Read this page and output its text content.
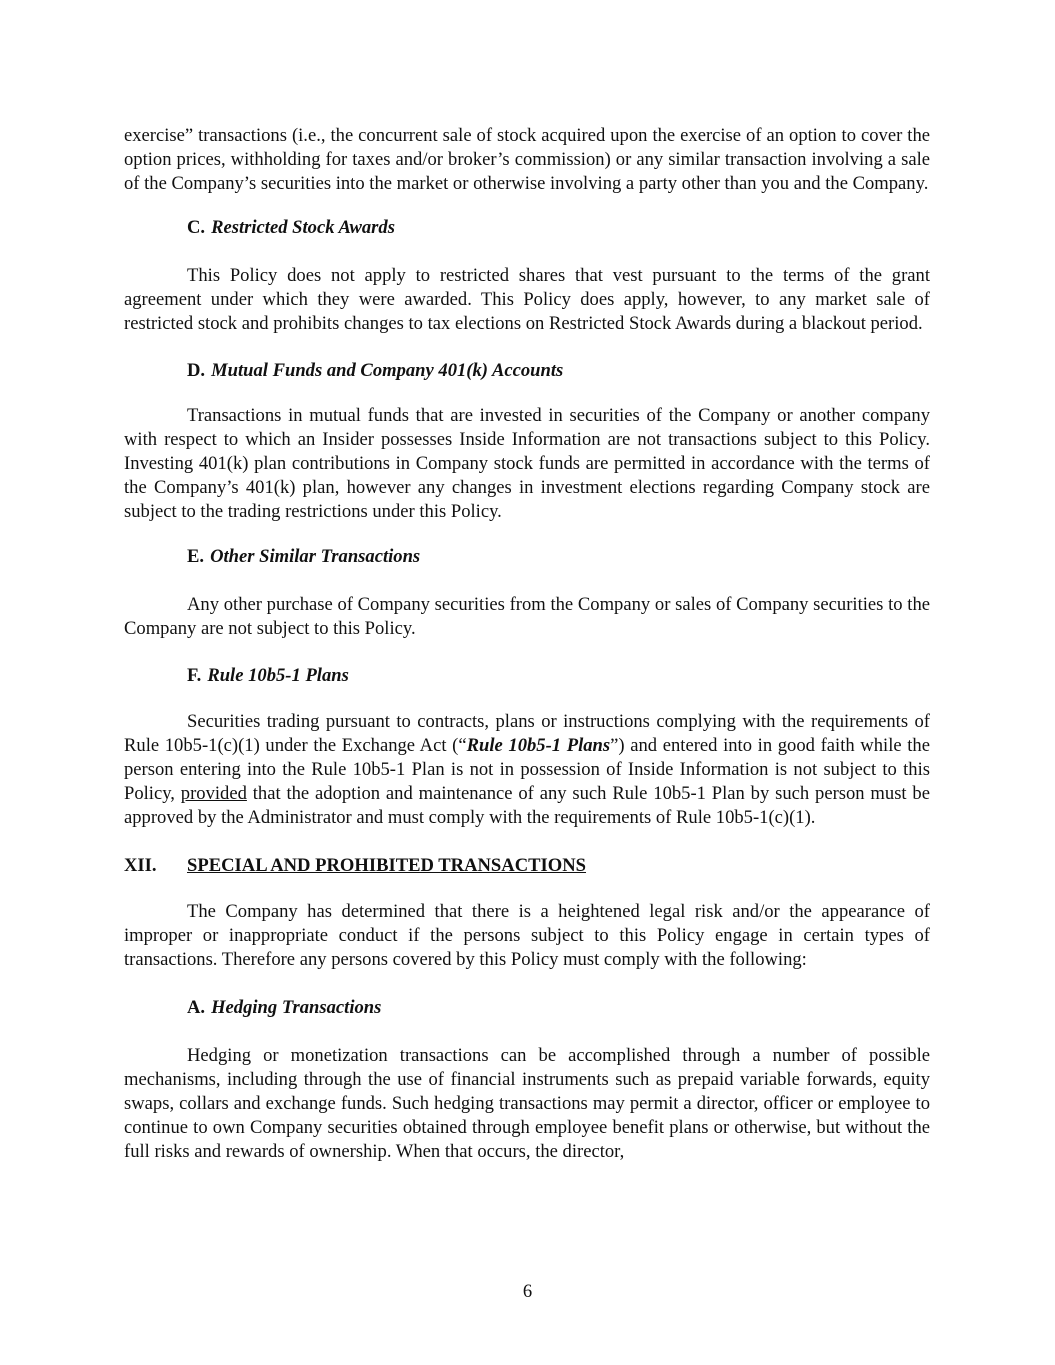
exercise” transactions (i.e., the concurrent sale of stock acquired upon the exercise of an option to cover the option prices, withholding for taxes and/or broker’s commission) or any similar transaction involving a sale of the Company’s securities into the market or otherwise involving a party other than you and the Company.

C. Restricted Stock Awards

This Policy does not apply to restricted shares that vest pursuant to the terms of the grant agreement under which they were awarded. This Policy does apply, however, to any market sale of restricted stock and prohibits changes to tax elections on Restricted Stock Awards during a blackout period.

D. Mutual Funds and Company 401(k) Accounts

Transactions in mutual funds that are invested in securities of the Company or another company with respect to which an Insider possesses Inside Information are not transactions subject to this Policy. Investing 401(k) plan contributions in Company stock funds are permitted in accordance with the terms of the Company’s 401(k) plan, however any changes in investment elections regarding Company stock are subject to the trading restrictions under this Policy.

E. Other Similar Transactions

Any other purchase of Company securities from the Company or sales of Company securities to the Company are not subject to this Policy.

F. Rule 10b5-1 Plans

Securities trading pursuant to contracts, plans or instructions complying with the requirements of Rule 10b5-1(c)(1) under the Exchange Act (“Rule 10b5-1 Plans”) and entered into in good faith while the person entering into the Rule 10b5-1 Plan is not in possession of Inside Information is not subject to this Policy, provided that the adoption and maintenance of any such Rule 10b5-1 Plan by such person must be approved by the Administrator and must comply with the requirements of Rule 10b5-1(c)(1).

XII. SPECIAL AND PROHIBITED TRANSACTIONS

The Company has determined that there is a heightened legal risk and/or the appearance of improper or inappropriate conduct if the persons subject to this Policy engage in certain types of transactions. Therefore any persons covered by this Policy must comply with the following:

A. Hedging Transactions

Hedging or monetization transactions can be accomplished through a number of possible mechanisms, including through the use of financial instruments such as prepaid variable forwards, equity swaps, collars and exchange funds. Such hedging transactions may permit a director, officer or employee to continue to own Company securities obtained through employee benefit plans or otherwise, but without the full risks and rewards of ownership. When that occurs, the director,

6
